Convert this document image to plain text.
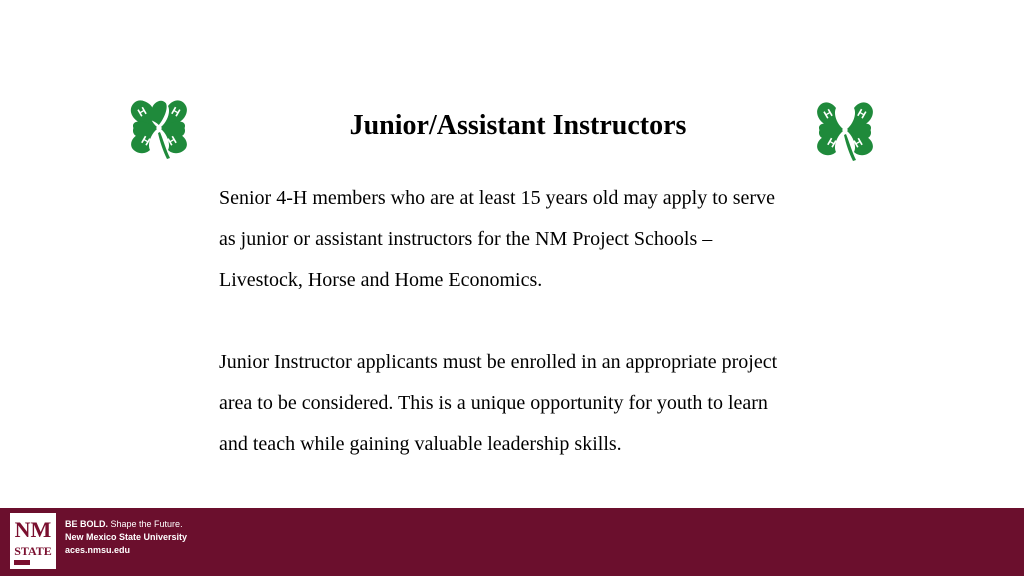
H H
H H
Junior/Assistant Instructors	H H
H H

Senior 4-H members who are at least 15 years old may apply to serve

as junior or assistant instructors for the NM Project Schools –

Livestock, Horse and Home Economics.

Junior Instructor applicants must be enrolled in an appropriate project

area to be considered. This is a unique opportunity for youth to learn

and teach while gaining valuable leadership skills.

NM
STATE
BE BOLD. Shape the Future.
New Mexico State University
aces.nmsu.edu
